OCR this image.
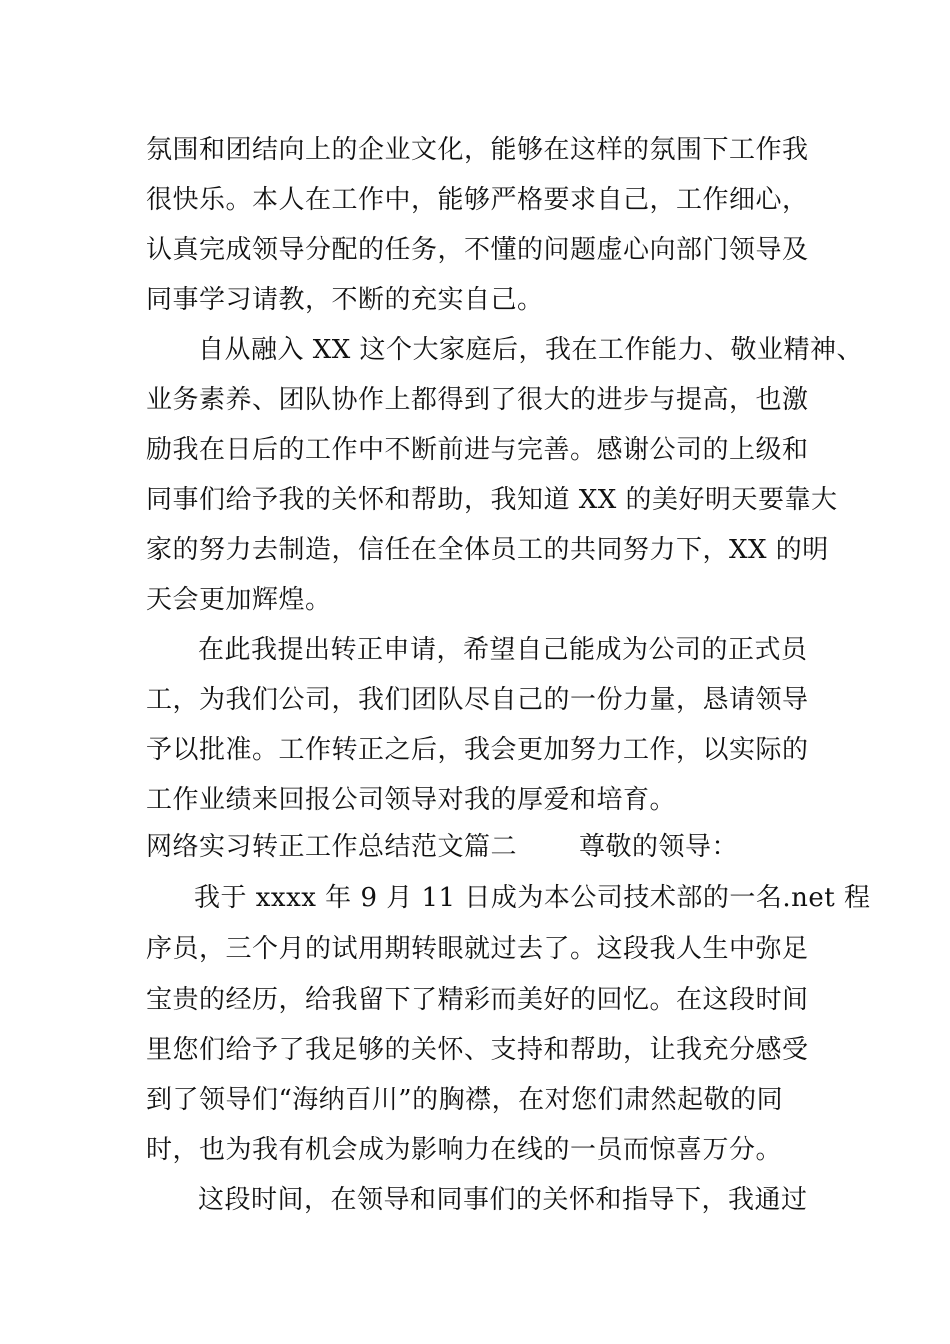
氛围和团结向上的企业文化，能够在这样的氛围下工作我
很快乐。本人在工作中，能够严格要求自己，工作细心，
认真完成领导分配的任务，不懂的问题虚心向部门领导及
同事学习请教，不断的充实自己。
自从融入 XX 这个大家庭后，我在工作能力、敬业精神、
业务素养、团队协作上都得到了很大的进步与提高，也激
励我在日后的工作中不断前进与完善。感谢公司的上级和
同事们给予我的关怀和帮助，我知道 XX 的美好明天要靠大
家的努力去制造，信任在全体员工的共同努力下，XX 的明
天会更加辉煌。
在此我提出转正申请，希望自己能成为公司的正式员
工，为我们公司，我们团队尽自己的一份力量，恳请领导
予以批准。工作转正之后，我会更加努力工作，以实际的
工作业绩来回报公司领导对我的厚爱和培育。
网络实习转正工作总结范文篇二 尊敬的领导：
我于 xxxx 年 9 月 11 日成为本公司技术部的一名.net 程
序员，三个月的试用期转眼就过去了。这段我人生中弥足
宝贵的经历，给我留下了精彩而美好的回忆。在这段时间
里您们给予了我足够的关怀、支持和帮助，让我充分感受
到了领导们“海纳百川”的胸襟，在对您们肃然起敬的同
时，也为我有机会成为影响力在线的一员而惊喜万分。
这段时间，在领导和同事们的关怀和指导下，我通过
